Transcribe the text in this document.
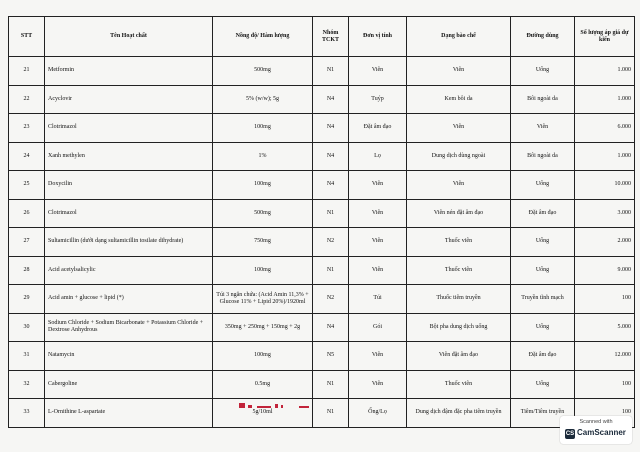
STT	Tên Hoạt chất	Nồng độ/ Hàm lượng	Nhóm TCKT	Đơn vị tính	Dạng bào chế	Đường dùng	Số lượng áp giá dự kiến
21	Metformin	500mg	N1	Viên	Viên	Uống	1.000
22	Acyclovir	5% (w/w); 5g	N4	Tuýp	Kem bôi da	Bôi ngoài da	1.000
23	Clotrimazol	100mg	N4	Đặt âm đạo	Viên	Viên	6.000
24	Xanh methylen	1%	N4	Lọ	Dung dịch dùng ngoài	Bôi ngoài da	1.000
25	Doxycilin	100mg	N4	Viên	Viên	Uống	10.000
26	Clotrimazol	500mg	N1	Viên	Viên nén đặt âm đạo	Đặt âm đạo	3.000
27	Sultamicillin (dưới dạng sultamicillin tosilate dihydrate)	750mg	N2	Viên	Thuốc viên	Uống	2.000
28	Acid acetylsalicylic	100mg	N1	Viên	Thuốc viên	Uống	9.000
29	Acid amin + glucose + lipid (*)	Túi 3 ngăn chứa: (Acid Amin 11,3% + Glucose 11% + Lipid 20%)/1920ml	N2	Túi	Thuốc tiêm truyền	Truyền tĩnh mạch	100
30	Sodium Chloride + Sodium Bicarbonate + Potassium Chloride + Dextrose Anhydrous	350mg + 250mg + 150mg + 2g	N4	Gói	Bột pha dung dịch uống	Uống	5.000
31	Natamycin	100mg	N5	Viên	Viên đặt âm đạo	Đặt âm đạo	12.000
32	Cabergoline	0.5mg	N1	Viên	Thuốc viên	Uống	100
33	L-Ornithine L-aspartate	5g/10ml	N1	Ống/Lọ	Dung dịch đậm đặc pha tiêm truyền	Tiêm/Tiêm truyền	100
Scanned with
CS CamScanner
